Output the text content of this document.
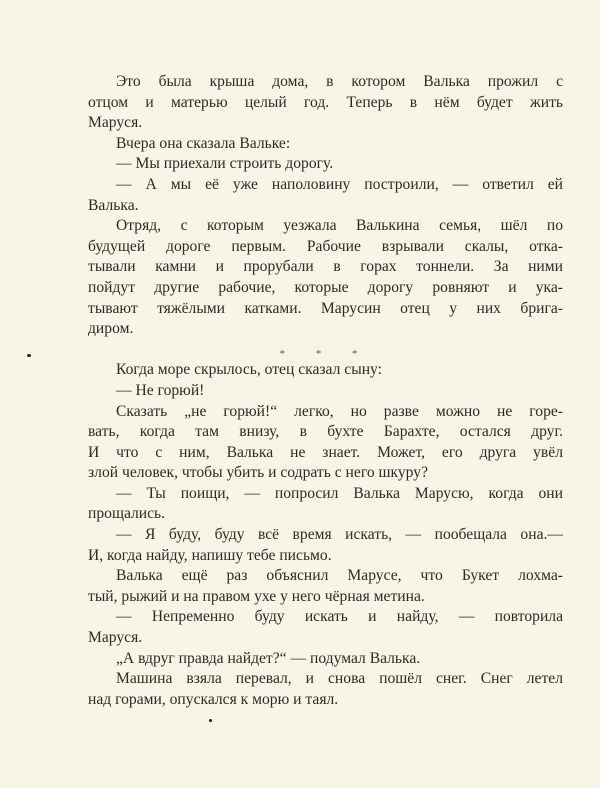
Это была крыша дома, в котором Валька прожил с
отцом и матерью целый год. Теперь в нём будет жить
Маруся.
Вчера она сказала Вальке:
— Мы приехали строить дорогу.
— А мы её уже наполовину построили, — ответил ей
Валька.
Отряд, с которым уезжала Валькина семья, шёл по
будущей дороге первым. Рабочие взрывали скалы, отка-
тывали камни и прорубали в горах тоннели. За ними
пойдут другие рабочие, которые дорогу ровняют и ука-
тывают тяжёлыми катками. Марусин отец у них брига-
диром.
* * *
Когда море скрылось, отец сказал сыну:
— Не горюй!
Сказать „не горюй!“ легко, но разве можно не горе-
вать, когда там внизу, в бухте Барахте, остался друг.
И что с ним, Валька не знает. Может, его друга увёл
злой человек, чтобы убить и содрать с него шкуру?
— Ты поищи, — попросил Валька Марусю, когда они
прощались.
— Я буду, буду всё время искать, — пообещала она.—
И, когда найду, напишу тебе письмо.
Валька ещё раз объяснил Марусе, что Букет лохма-
тый, рыжий и на правом ухе у него чёрная метина.
— Непременно буду искать и найду, — повторила
Маруся.
„А вдруг правда найдет?“ — подумал Валька.
Машина взяла перевал, и снова пошёл снег. Снег летел
над горами, опускался к морю и таял.
